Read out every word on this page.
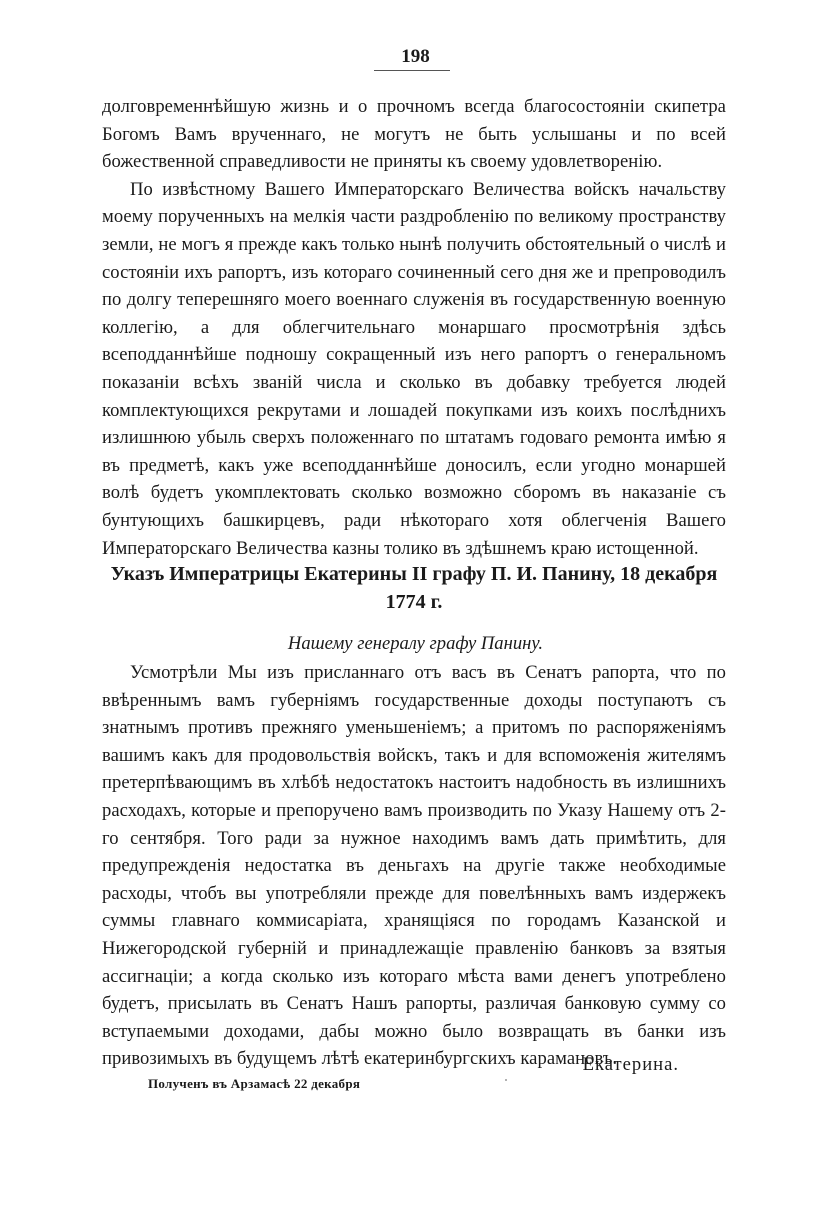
198

долговременнѣйшую жизнь и о прочномъ всегда благосостоянiи скипетра Богомъ Вамъ врученнаго, не могутъ не быть услышаны и по всей божественной справедливости не приняты къ своему удовлетворенiю.

По извѣстному Вашего Императорскаго Величества войскъ начальству моему порученныхъ на мелкiя части раздробленiю по великому пространству земли, не могъ я прежде какъ только нынѣ получить обстоятельный о числѣ и состоянiи ихъ рапортъ, изъ котораго сочиненный сего дня же и препроводилъ по долгу теперешняго моего военнаго служенiя въ государственную военную коллегiю, а для облегчительнаго монаршаго просмотрѣнiя здѣсь всеподданнѣйше подношу сокращенный изъ него рапортъ о генеральномъ показанiи всѣхъ званiй числа и сколько въ добавку требуется людей комплектующихся рекрутами и лошадей покупками изъ коихъ послѣднихъ излишнюю убыль сверхъ положеннаго по штатамъ годоваго ремонта имѣю я въ предметѣ, какъ уже всеподданнѣйше доносилъ, если угодно монаршей волѣ будетъ укомплектовать сколько возможно сборомъ въ наказанiе съ бунтующихъ башкирцевъ, ради нѣкотораго хотя облегченiя Вашего Императорскаго Величества казны толико въ здѣшнемъ краю истощенной.

Указъ Императрицы Екатерины II графу П. И. Панину, 18 декабря 1774 г.
Нашему генералу графу Панину.

Усмотрѣли Мы изъ присланнаго отъ васъ въ Сенатъ рапорта, что по ввѣреннымъ вамъ губернiямъ государственные доходы поступаютъ съ знатнымъ противъ прежняго уменьшенiемъ; а притомъ по распоряженiямъ вашимъ какъ для продовольствiя войскъ, такъ и для вспоможенiя жителямъ претерпѣвающимъ въ хлѣбѣ недостатокъ настоитъ надобность въ излишнихъ расходахъ, которые и препоручено вамъ производить по Указу Нашему отъ 2-го сентября. Того ради за нужное находимъ вамъ дать примѣтить, для предупрежденiя недостатка въ деньгахъ на другiе также необходимые расходы, чтобъ вы употребляли прежде для повелѣнныхъ вамъ издержекъ суммы главнаго коммисарiата, хранящiяся по городамъ Казанской и Нижегородской губернiй и принадлежащiе правленiю банковъ за взятыя ассигнацiи; а когда сколько изъ котораго мѣста вами денегъ употреблено будетъ, присылать въ Сенатъ Нашъ рапорты, различая банковую сумму со вступаемыми доходами, дабы можно было возвращать въ банки изъ привозимыхъ въ будущемъ лѣтѣ екатеринбургскихъ карамановъ.

Екатерина.
Полученъ въ Арзамасѣ 22 декабря
